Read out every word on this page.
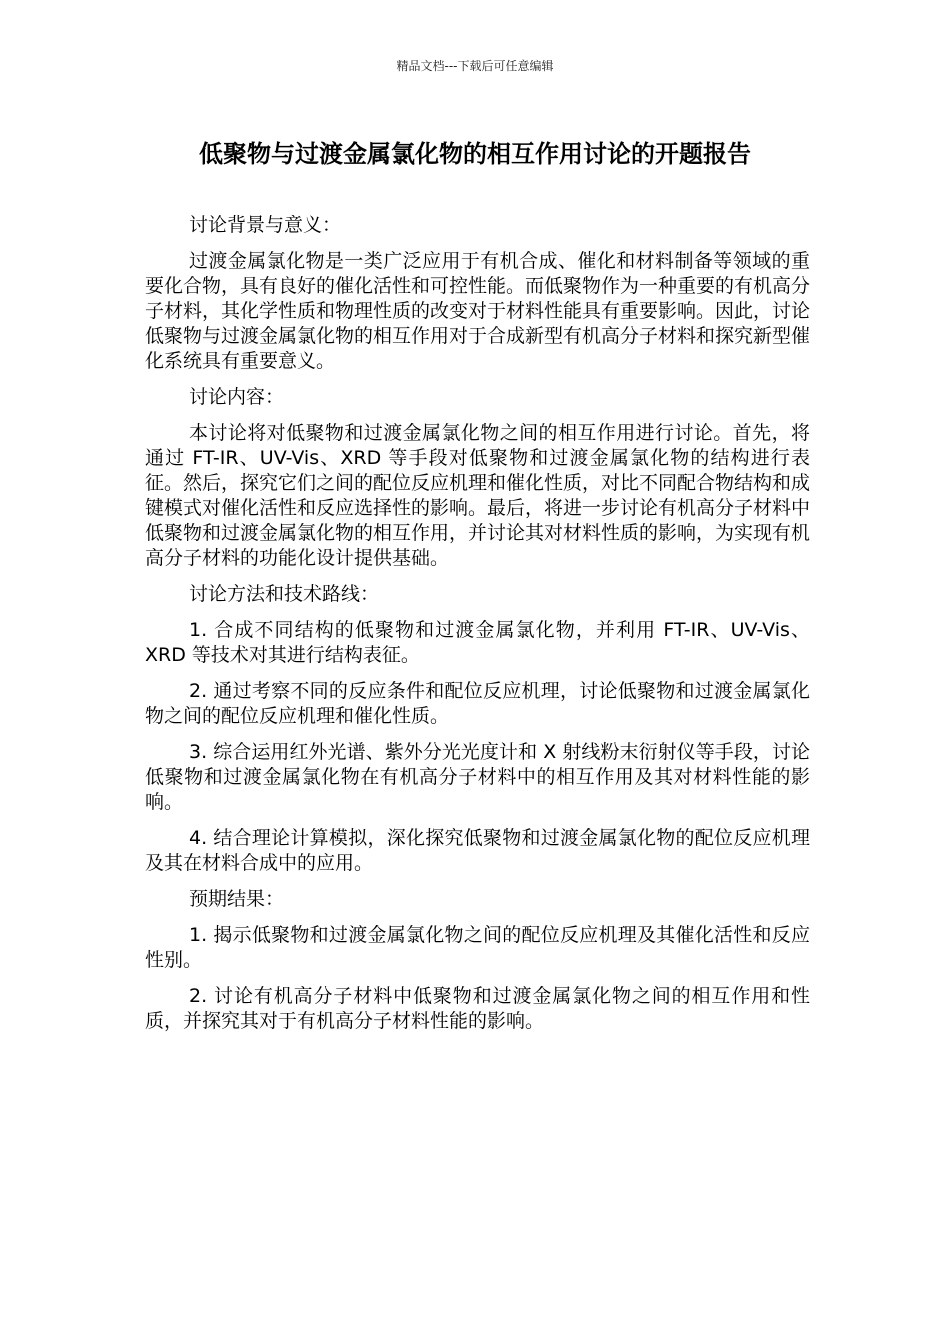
精品文档---下载后可任意编辑
低聚物与过渡金属氯化物的相互作用讨论的开题报告

讨论背景与意义：

过渡金属氯化物是一类广泛应用于有机合成、催化和材料制备等领域的重要化合物，具有良好的催化活性和可控性能。而低聚物作为一种重要的有机高分子材料，其化学性质和物理性质的改变对于材料性能具有重要影响。因此，讨论低聚物与过渡金属氯化物的相互作用对于合成新型有机高分子材料和探究新型催化系统具有重要意义。

讨论内容：

本讨论将对低聚物和过渡金属氯化物之间的相互作用进行讨论。首先，将通过 FT-IR、UV-Vis、XRD 等手段对低聚物和过渡金属氯化物的结构进行表征。然后，探究它们之间的配位反应机理和催化性质，对比不同配合物结构和成键模式对催化活性和反应选择性的影响。最后，将进一步讨论有机高分子材料中低聚物和过渡金属氯化物的相互作用，并讨论其对材料性质的影响，为实现有机高分子材料的功能化设计提供基础。

讨论方法和技术路线：

1. 合成不同结构的低聚物和过渡金属氯化物，并利用 FT-IR、UV-Vis、XRD 等技术对其进行结构表征。

2. 通过考察不同的反应条件和配位反应机理，讨论低聚物和过渡金属氯化物之间的配位反应机理和催化性质。

3. 综合运用红外光谱、紫外分光光度计和 X 射线粉末衍射仪等手段，讨论低聚物和过渡金属氯化物在有机高分子材料中的相互作用及其对材料性能的影响。

4. 结合理论计算模拟，深化探究低聚物和过渡金属氯化物的配位反应机理及其在材料合成中的应用。

预期结果：

1. 揭示低聚物和过渡金属氯化物之间的配位反应机理及其催化活性和反应性别。

2. 讨论有机高分子材料中低聚物和过渡金属氯化物之间的相互作用和性质，并探究其对于有机高分子材料性能的影响。
